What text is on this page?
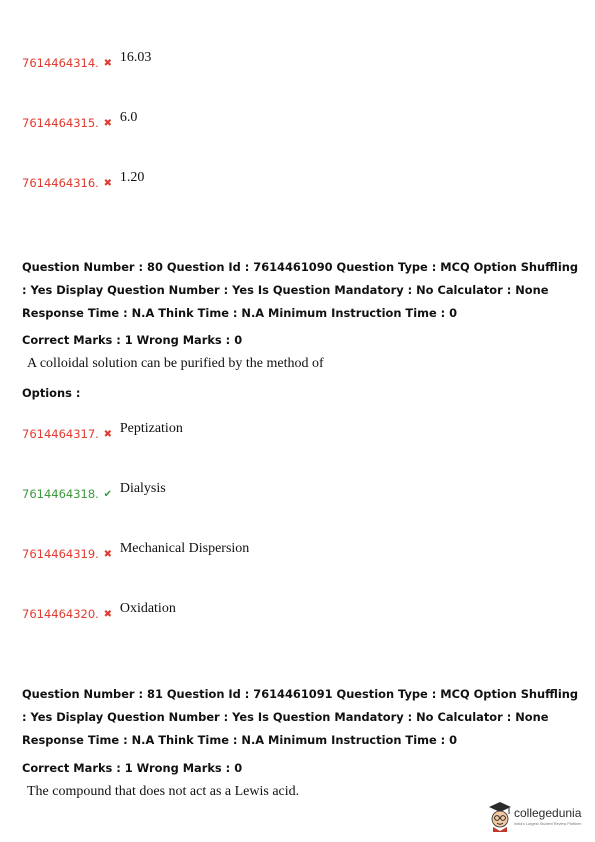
7614464314. ✖ 16.03
7614464315. ✖ 6.0
7614464316. ✖ 1.20
Question Number : 80 Question Id : 7614461090 Question Type : MCQ Option Shuffling : Yes Display Question Number : Yes Is Question Mandatory : No Calculator : None Response Time : N.A Think Time : N.A Minimum Instruction Time : 0
Correct Marks : 1 Wrong Marks : 0
A colloidal solution can be purified by the method of
Options :
7614464317. ✖ Peptization
7614464318. ✔ Dialysis
7614464319. ✖ Mechanical Dispersion
7614464320. ✖ Oxidation
Question Number : 81 Question Id : 7614461091 Question Type : MCQ Option Shuffling : Yes Display Question Number : Yes Is Question Mandatory : No Calculator : None Response Time : N.A Think Time : N.A Minimum Instruction Time : 0
Correct Marks : 1 Wrong Marks : 0
The compound that does not act as a Lewis acid.
collegedunia
India's Largest Student Review Platform
